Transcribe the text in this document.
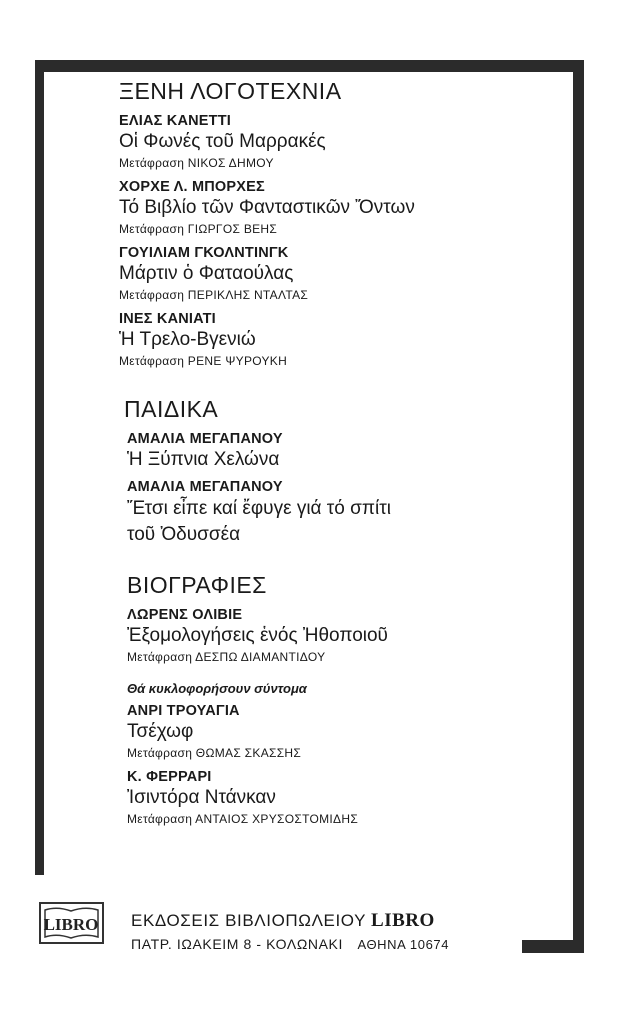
ΞΕΝΗ ΛΟΓΟΤΕΧΝΙΑ
ΕΛΙΑΣ ΚΑΝΕΤΤΙ
Οἱ Φωνές τοῦ Μαρρακές
Μετάφραση ΝΙΚΟΣ ΔΗΜΟΥ
ΧΟΡΧΕ Λ. ΜΠΟΡΧΕΣ
Τό Βιβλίο τῶν Φανταστικῶν Ὄντων
Μετάφραση ΓΙΩΡΓΟΣ ΒΕΗΣ
ΓΟΥΙΛΙΑΜ ΓΚΟΛΝΤΙΝΓΚ
Μάρτιν ὁ Φαταούλας
Μετάφραση ΠΕΡΙΚΛΗΣ ΝΤΑΛΤΑΣ
ΙΝΕΣ ΚΑΝΙΑΤΙ
Ἡ Τρελο-Βγενιώ
Μετάφραση ΡΕΝΕ ΨΥΡΟΥΚΗ
ΠΑΙΔΙΚΑ
ΑΜΑΛΙΑ ΜΕΓΑΠΑΝΟΥ
Ἡ Ξύπνια Χελώνα
ΑΜΑΛΙΑ ΜΕΓΑΠΑΝΟΥ
Ἔτσι εἶπε καί ἔφυγε γιά τό σπίτι
τοῦ Ὀδυσσέα
ΒΙΟΓΡΑΦΙΕΣ
ΛΩΡΕΝΣ ΟΛΙΒΙΕ
Ἐξομολογήσεις ἑνός Ἠθοποιοῦ
Μετάφραση ΔΕΣΠΩ ΔΙΑΜΑΝΤΙΔΟΥ
Θά κυκλοφορήσουν σύντομα
ΑΝΡΙ ΤΡΟΥΑΓΙΑ
Τσέχωφ
Μετάφραση ΘΩΜΑΣ ΣΚΑΣΣΗΣ
Κ. ΦΕΡΡΑΡΙ
Ἰσιντόρα Ντάνκαν
Μετάφραση ΑΝΤΑΙΟΣ ΧΡΥΣΟΣΤΟΜΙΔΗΣ
LIBRO ΕΚΔΟΣΕΙΣ ΒΙΒΛΙΟΠΩΛΕΙΟΥ LIBRO
ΠΑΤΡ. ΙΩΑΚΕΙΜ 8 - ΚΟΛΩΝΑΚΙ ΑΘΗΝΑ 10674
